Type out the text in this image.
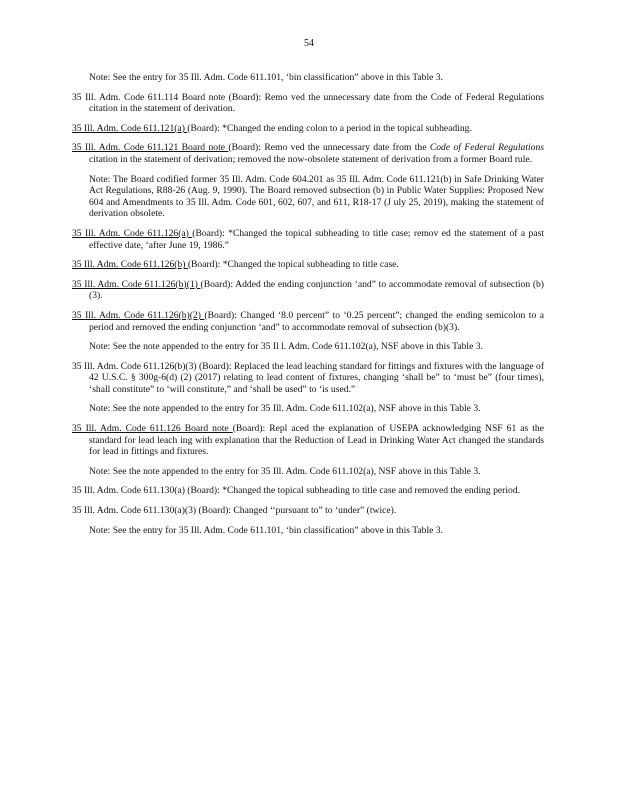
54

Note: See the entry for 35 Ill. Adm. Code 611.101, ‘bin classification” above in this Table 3.

35 Ill. Adm. Code 611.114 Board note (Board): Remo ved the unnecessary date from the Code of Federal Regulations citation in the statement of derivation.

35 Ill. Adm. Code 611.121(a) (Board): *Changed the ending colon to a period in the topical subheading.

35 Ill. Adm. Code 611.121 Board note (Board): Remo ved the unnecessary date from the Code of Federal Regulations citation in the statement of derivation; removed the now-obsolete statement of derivation from a former Board rule.

Note: The Board codified former 35 Ill. Adm. Code 604.201 as 35 Ill. Adm. Code 611.121(b) in Safe Drinking Water Act Regulations, R88-26 (Aug. 9, 1990). The Board removed subsection (b) in Public Water Supplies: Proposed New 604 and Amendments to 35 Ill. Adm. Code 601, 602, 607, and 611, R18-17 (J uly 25, 2019), making the statement of derivation obsolete.

35 Ill. Adm. Code 611.126(a) (Board): *Changed the topical subheading to title case; remov ed the statement of a past effective date, ‘after June 19, 1986.”

35 Ill. Adm. Code 611.126(b) (Board): *Changed the topical subheading to title case.

35 Ill. Adm. Code 611.126(b)(1) (Board): Added the ending conjunction ‘and” to accommodate removal of subsection (b)(3).

35 Ill. Adm. Code 611.126(b)(2) (Board): Changed ‘8.0 percent” to ‘0.25 percent”; changed the ending semicolon to a period and removed the ending conjunction ‘and” to accommodate removal of subsection (b)(3).

Note: See the note appended to the entry for 35 Il l. Adm. Code 611.102(a), NSF above in this Table 3.

35 Ill. Adm. Code 611.126(b)(3) (Board): Replaced the lead leaching standard for fittings and fixtures with the language of 42 U.S.C. § 300g-6(d) (2) (2017) relating to lead content of fixtures, changing ‘shall be” to ‘must be” (four times), ‘shall constitute” to ‘will constitute,” and ‘shall be used” to ‘is used.”

Note: See the note appended to the entry for 35 Ill. Adm. Code 611.102(a), NSF above in this Table 3.

35 Ill. Adm. Code 611.126 Board note (Board): Repl aced the explanation of USEPA acknowledging NSF 61 as the standard for lead leach ing with explanation that the Reduction of Lead in Drinking Water Act changed the standards for lead in fittings and fixtures.

Note: See the note appended to the entry for 35 Ill. Adm. Code 611.102(a), NSF above in this Table 3.

35 Ill. Adm. Code 611.130(a) (Board): *Changed the topical subheading to title case and removed the ending period.

35 Ill. Adm. Code 611.130(a)(3) (Board): Changed ‘‘pursuant to” to ‘under” (twice).

Note: See the entry for 35 Ill. Adm. Code 611.101, ‘bin classification” above in this Table 3.
